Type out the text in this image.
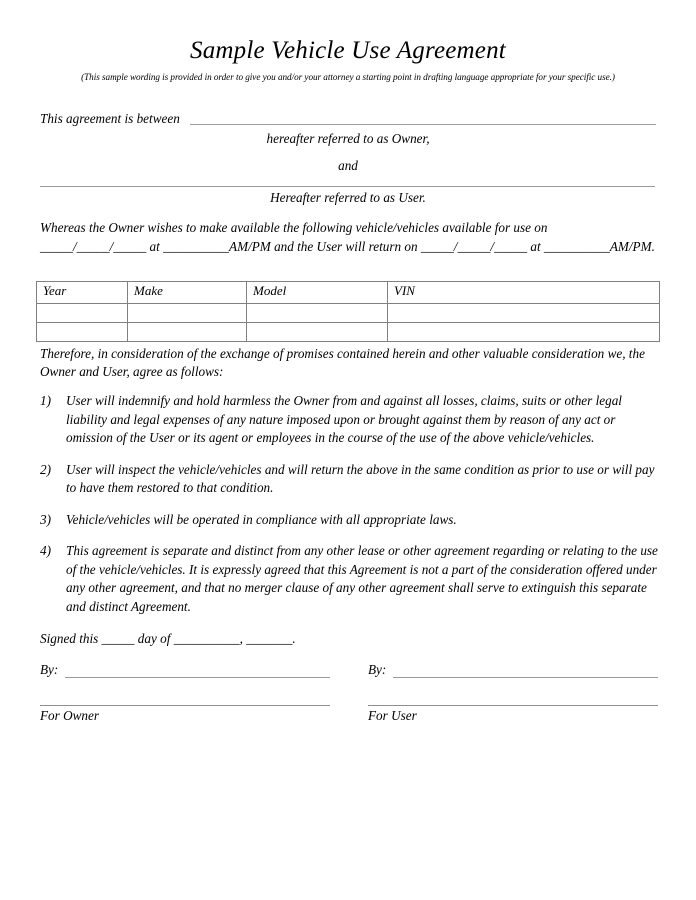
Sample Vehicle Use Agreement
(This sample wording is provided in order to give you and/or your attorney a starting point in drafting language appropriate for your specific use.)
This agreement is between
hereafter referred to as Owner,
and
Hereafter referred to as User.
Whereas the Owner wishes to make available the following vehicle/vehicles available for use on _____/_____/_____ at __________AM/PM and the User will return on _____/_____/_____ at __________AM/PM.
Year	Make	Model	VIN

Therefore, in consideration of the exchange of promises contained herein and other valuable consideration we, the Owner and User, agree as follows:
1) User will indemnify and hold harmless the Owner from and against all losses, claims, suits or other legal liability and legal expenses of any nature imposed upon or brought against them by reason of any act or omission of the User or its agent or employees in the course of the use of the above vehicle/vehicles.
2) User will inspect the vehicle/vehicles and will return the above in the same condition as prior to use or will pay to have them restored to that condition.
3) Vehicle/vehicles will be operated in compliance with all appropriate laws.
4) This agreement is separate and distinct from any other lease or other agreement regarding or relating to the use of the vehicle/vehicles. It is expressly agreed that this Agreement is not a part of the consideration offered under any other agreement, and that no merger clause of any other agreement shall serve to extinguish this separate and distinct Agreement.
Signed this _____ day of __________, _______.
By:
For Owner
By:
For User
